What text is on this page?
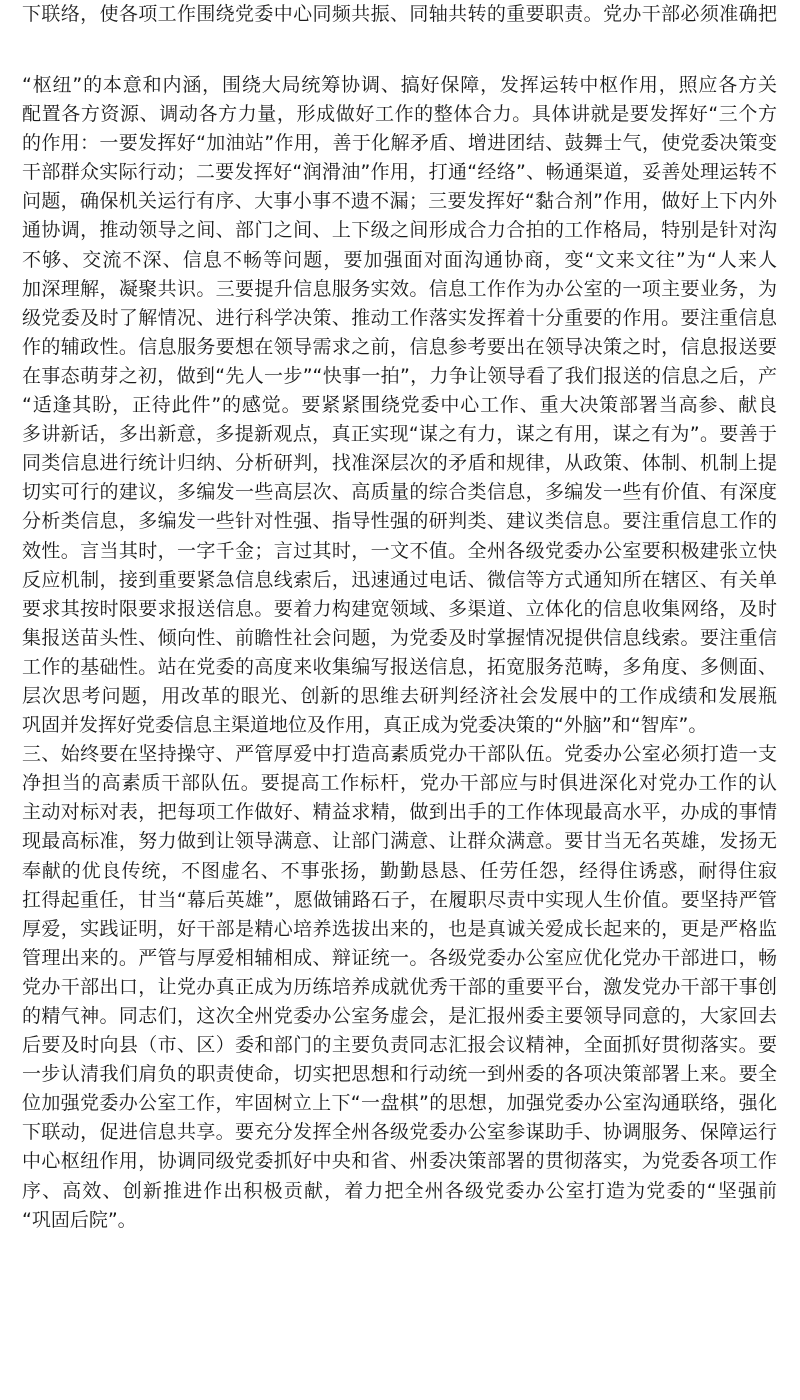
下联络，使各项工作围绕党委中心同频共振、同轴共转的重要职责。党办干部必须准确把
“枢纽”的本意和内涵，围绕大局统筹协调、搞好保障，发挥运转中枢作用，照应各方关
配置各方资源、调动各方力量，形成做好工作的整体合力。具体讲就是要发挥好“三个方
的作用：一要发挥好“加油站”作用，善于化解矛盾、增进团结、鼓舞士气，使党委决策变
干部群众实际行动；二要发挥好“润滑油”作用，打通“经络”、畅通渠道，妥善处理运转不
问题，确保机关运行有序、大事小事不遗不漏；三要发挥好“黏合剂”作用，做好上下内外
通协调，推动领导之间、部门之间、上下级之间形成合力合拍的工作格局，特别是针对沟
不够、交流不深、信息不畅等问题，要加强面对面沟通协商，变“文来文往”为“人来人
加深理解，凝聚共识。三要提升信息服务实效。信息工作作为办公室的一项主要业务，为
级党委及时了解情况、进行科学决策、推动工作落实发挥着十分重要的作用。要注重信息
作的辅政性。信息服务要想在领导需求之前，信息参考要出在领导决策之时，信息报送要
在事态萌芽之初，做到“先人一步”“快事一拍”，力争让领导看了我们报送的信息之后，产
“适逢其盼，正待此件”的感觉。要紧紧围绕党委中心工作、重大决策部署当高参、献良
多讲新话，多出新意，多提新观点，真正实现“谋之有力，谋之有用，谋之有为”。要善于
同类信息进行统计归纳、分析研判，找准深层次的矛盾和规律，从政策、体制、机制上提
切实可行的建议，多编发一些高层次、高质量的综合类信息，多编发一些有价值、有深度
分析类信息，多编发一些针对性强、指导性强的研判类、建议类信息。要注重信息工作的
效性。言当其时，一字千金；言过其时，一文不值。全州各级党委办公室要积极建张立快
反应机制，接到重要紧急信息线索后，迅速通过电话、微信等方式通知所在辖区、有关单
要求其按时限要求报送信息。要着力构建宽领域、多渠道、立体化的信息收集网络，及时
集报送苗头性、倾向性、前瞻性社会问题，为党委及时掌握情况提供信息线索。要注重信
工作的基础性。站在党委的高度来收集编写报送信息，拓宽服务范畴，多角度、多侧面、
层次思考问题，用改革的眼光、创新的思维去研判经济社会发展中的工作成绩和发展瓶
巩固并发挥好党委信息主渠道地位及作用，真正成为党委决策的“外脑”和“智库”。
三、始终要在坚持操守、严管厚爱中打造高素质党办干部队伍。党委办公室必须打造一支
净担当的高素质干部队伍。要提高工作标杆，党办干部应与时俱进深化对党办工作的认
主动对标对表，把每项工作做好、精益求精，做到出手的工作体现最高水平，办成的事情
现最高标准，努力做到让领导满意、让部门满意、让群众满意。要甘当无名英雄，发扬无
奉献的优良传统，不图虚名、不事张扬，勤勤恳恳、任劳任怨，经得住诱惑，耐得住寂
扛得起重任，甘当“幕后英雄”，愿做铺路石子，在履职尽责中实现人生价值。要坚持严管
厚爱，实践证明，好干部是精心培养选拔出来的，也是真诚关爱成长起来的，更是严格监
管理出来的。严管与厚爱相辅相成、辩证统一。各级党委办公室应优化党办干部进口，畅
党办干部出口，让党办真正成为历练培养成就优秀干部的重要平台，激发党办干部干事创
的精气神。同志们，这次全州党委办公室务虚会，是汇报州委主要领导同意的，大家回去
后要及时向县（市、区）委和部门的主要负责同志汇报会议精神，全面抓好贯彻落实。要
一步认清我们肩负的职责使命，切实把思想和行动统一到州委的各项决策部署上来。要全
位加强党委办公室工作，牢固树立上下“一盘棋”的思想，加强党委办公室沟通联络，强化
下联动，促进信息共享。要充分发挥全州各级党委办公室参谋助手、协调服务、保障运行
中心枢纽作用，协调同级党委抓好中央和省、州委决策部署的贯彻落实，为党委各项工作
序、高效、创新推进作出积极贡献，着力把全州各级党委办公室打造为党委的“坚强前
“巩固后院”。
